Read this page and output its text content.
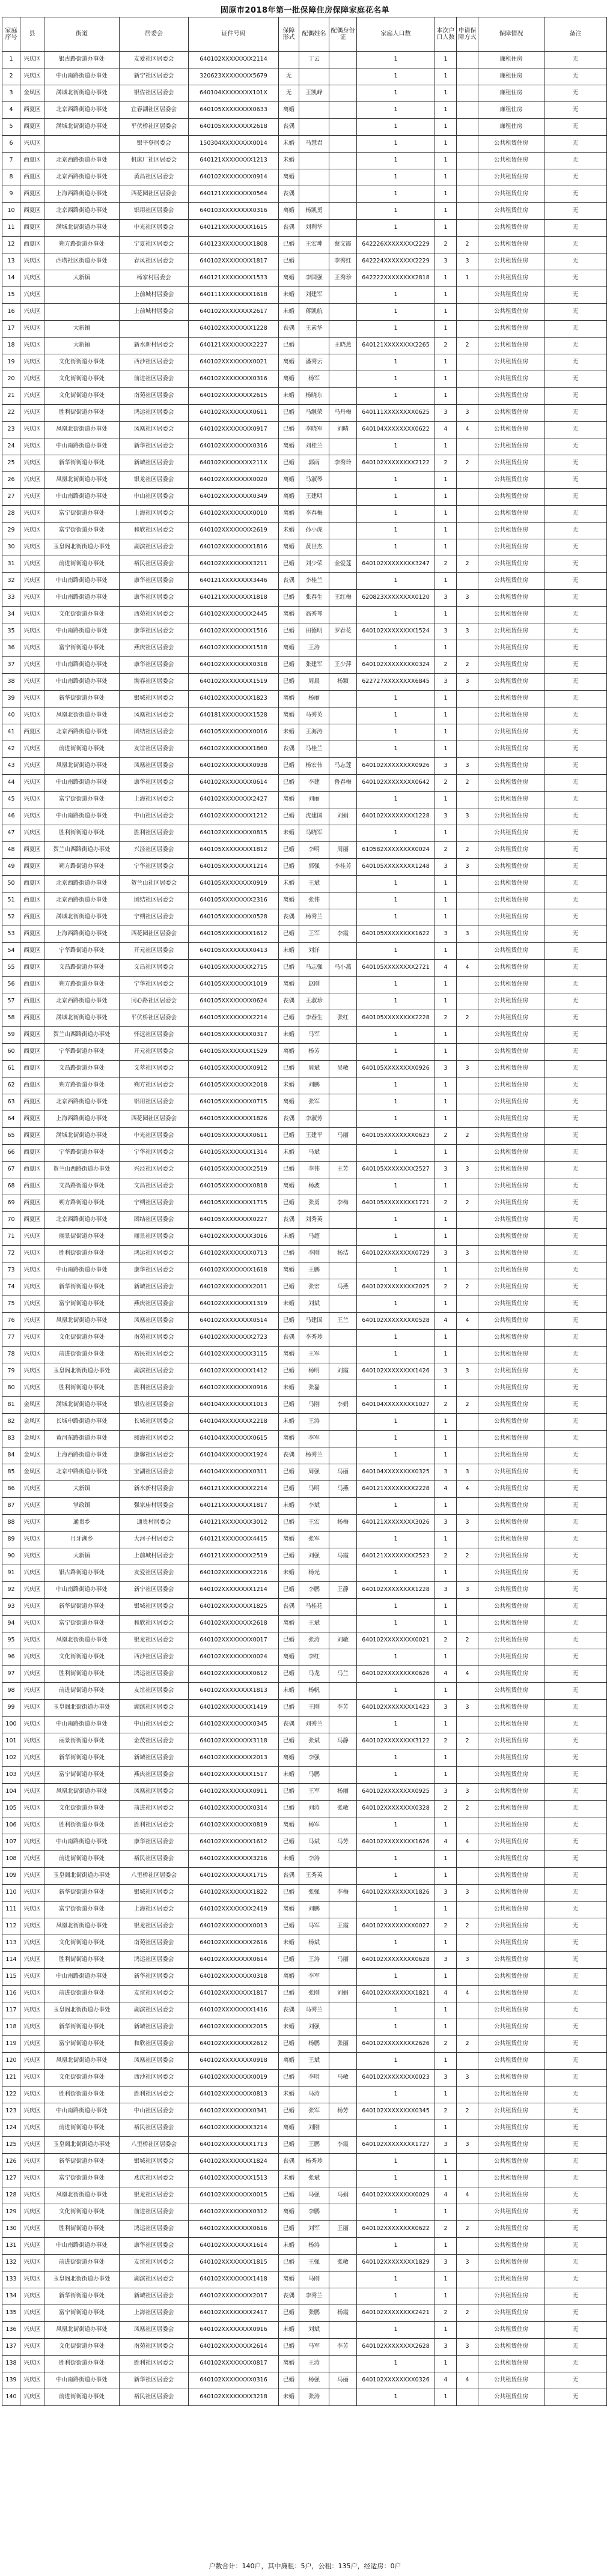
固原市2018年第一批保障住房保障家庭花名单
家庭序号	县	街道	居委会	证件号码	保障形式	配偶姓名	配偶身份证	家庭人口数	本次户口人数	申请保障方式	保障情况	备注
1	兴庆区	银古路街道办事处	友爱社区居委会	640102XXXXXXXX2114		丁云		1	1		廉租住房	无
2	兴庆区	中山南路街道办事处	新宁社区居委会	320623XXXXXXXX5679	无			1	1		廉租住房	无
3	金凤区	满城北街街道办事处	银佐社区居委会	640104XXXXXXXX101X	无	王凯峰		1	1		廉租住房	无
4	西夏区	北京西路街道办事处	宜春湖社区居委会	640105XXXXXXXX0633	离婚			1	1		廉租住房	无
5	西夏区	满城北街街道办事处	平伏桥社区居委会	640105XXXXXXXX2618	丧偶			1	1		廉租住房	无
6	兴庆区		银平登居委会	150304XXXXXXXX0014	未婚	马慧君		1	1		公共租赁住房	无
7	西夏区	北京西路街道办事处	机床厂社区居委会	640121XXXXXXXX1213	未婚			1	1		公共租赁住房	无
8	西夏区	北京西路街道办事处	黄昌社区居委会	640102XXXXXXXX0914	离婚			1	1		公共租赁住房	无
9	西夏区	上海西路街道办事处	西花园社区居委会	640121XXXXXXXX0564	丧偶			1	1		公共租赁住房	无
10	西夏区	北京西路街道办事处	铝用社区居委会	640103XXXXXXXX0316	离婚	杨凯勇		1	1		公共租赁住房	无
11	西夏区	满城北街街道办事处	中光社区居委会	640121XXXXXXXX1615	丧偶	刘利华		1	1		公共租赁住房	无
12	西夏区	朔方路街道办事处	宁夏社区居委会	640123XXXXXXXX1808	已婚	王宏坤	蔡文霞	642226XXXXXXXX2229	2	2	公共租赁住房	无
13	兴庆区	西塔社区街道办事处	春凤社区居委会	640102XXXXXXXX1817	已婚		李秀红	642224XXXXXXXX2229	3	3	公共租赁住房	无
14	兴庆区	大新镇	杨家村居委会	640121XXXXXXXX1533	离婚	李国强	王秀珍	642222XXXXXXXX2818	1	1	公共租赁住房	无
15	兴庆区		上前城村居委会	640111XXXXXXXX1618	未婚	刘建军		1	1		公共租赁住房	无
16	兴庆区		上前城村居委会	640102XXXXXXXX2617	未婚	蒋凯航		1	1		公共租赁住房	无
17	兴庆区	大新镇		640102XXXXXXXX1228	丧偶	王素华		1	1		公共租赁住房	无
18	兴庆区	大新镇	新水新村居委会	640121XXXXXXXX2227	已婚		王晓燕	640121XXXXXXXX2265	2	2	公共租赁住房	无
19	兴庆区	文化街街道办事处	西沙社区居委会	640102XXXXXXXX0021	离婚	潘秀云		1	1		公共租赁住房	无
20	兴庆区	文化街街道办事处	前进社区居委会	640102XXXXXXXX0316	离婚	杨军		1	1		公共租赁住房	无
21	兴庆区	文化街街道办事处	南苑社区居委会	640102XXXXXXXX2615	未婚	杨晓东		1	1		公共租赁住房	无
22	兴庆区	胜利街街道办事处	鸿运社区居委会	640102XXXXXXXX0611	已婚	马继荣	马丹梅	640111XXXXXXXX0625	3	3	公共租赁住房	无
23	兴庆区	凤凰北街街道办事处	凤凰社区居委会	640102XXXXXXXX0917	已婚	李晓军	刘晴	640104XXXXXXXX0622	4	4	公共租赁住房	无
24	兴庆区	中山南路街道办事处	新华社区居委会	640102XXXXXXXX0316	离婚	刘桂兰		1	1		公共租赁住房	无
25	兴庆区	新华街街道办事处	新城社区居委会	640102XXXXXXXX211X	已婚	郭雨	李秀玲	640102XXXXXXXX2122	2	2	公共租赁住房	无
26	兴庆区	凤凰北街街道办事处	银龙社区居委会	640102XXXXXXXX0020	离婚	马淑琴		1	1		公共租赁住房	无
27	兴庆区	中山南路街道办事处	中山社区居委会	640102XXXXXXXX0349	离婚	王建明		1	1		公共租赁住房	无
28	兴庆区	富宁街街道办事处	上海社区居委会	640102XXXXXXXX0010	离婚	李春梅		1	1		公共租赁住房	无
29	兴庆区	富宁街街道办事处	和欣社区居委会	640102XXXXXXXX2619	未婚	孙小虎		1	1		公共租赁住房	无
30	兴庆区	玉皇阁北街街道办事处	湖滨社区居委会	640102XXXXXXXX1816	离婚	黄世杰		1	1		公共租赁住房	无
31	兴庆区	前进街街道办事处	裕民社区居委会	640102XXXXXXXX3211	已婚	刘少荣	金爱莲	640102XXXXXXXX3247	2	2	公共租赁住房	无
32	兴庆区	中山南路街道办事处	康华社区居委会	640121XXXXXXXX3446	丧偶	李桂兰		1	1		公共租赁住房	无
33	兴庆区	中山南路街道办事处	康华社区居委会	640121XXXXXXXX1818	已婚	张春生	王红梅	620823XXXXXXXX0120	3	3	公共租赁住房	无
34	兴庆区	文化街街道办事处	西苑社区居委会	640102XXXXXXXX2445	离婚	高秀琴		1	1		公共租赁住房	无
35	兴庆区	中山南路街道办事处	康华社区居委会	640102XXXXXXXX1516	已婚	田德明	罗春花	640102XXXXXXXX1524	3	3	公共租赁住房	无
36	兴庆区	富宁街街道办事处	燕庆社区居委会	640102XXXXXXXX1518	离婚	王涛		1	1		公共租赁住房	无
37	兴庆区	中山南路街道办事处	康华社区居委会	640102XXXXXXXX0318	已婚	张建军	王少萍	640102XXXXXXXX0324	2	2	公共租赁住房	无
38	兴庆区	中山南路街道办事处	满春社区居委会	640102XXXXXXXX1519	已婚	周晨	杨颖	622727XXXXXXXX6845	3	3	公共租赁住房	无
39	兴庆区	新华街街道办事处	银城社区居委会	640102XXXXXXXX1823	离婚	杨丽		1	1		公共租赁住房	无
40	兴庆区	凤凰北街街道办事处	凤凰社区居委会	640181XXXXXXXX1528	离婚	马秀英		1	1		公共租赁住房	无
41	西夏区	北京西路街道办事处	团结社区居委会	640105XXXXXXXX0016	未婚	王海涛		1	1		公共租赁住房	无
42	兴庆区	前进街街道办事处	友谊社区居委会	640102XXXXXXXX1860	丧偶	马桂兰		1	1		公共租赁住房	无
43	兴庆区	凤凰北街街道办事处	凤凰社区居委会	640102XXXXXXXX0938	已婚	杨宏伟	马志莲	640102XXXXXXXX0926	3	3	公共租赁住房	无
44	兴庆区	中山南路街道办事处	康华社区居委会	640102XXXXXXXX0614	已婚	李建	鲁春梅	640102XXXXXXXX0642	2	2	公共租赁住房	无
45	兴庆区	富宁街街道办事处	上海社区居委会	640102XXXXXXXX2427	离婚	刘丽		1	1		公共租赁住房	无
46	兴庆区	中山南路街道办事处	中山社区居委会	640102XXXXXXXX1212	已婚	沈建国	刘娟	640102XXXXXXXX1228	3	3	公共租赁住房	无
47	兴庆区	胜利街街道办事处	胜利社区居委会	640102XXXXXXXX0815	未婚	马晓军		1	1		公共租赁住房	无
48	西夏区	贺兰山西路街道办事处	兴泾社区居委会	640105XXXXXXXX1812	已婚	李明	周丽	610582XXXXXXXX0024	2	2	公共租赁住房	无
49	西夏区	朔方路街道办事处	宁华社区居委会	640105XXXXXXXX1214	已婚	郭强	李桂芳	640105XXXXXXXX1248	3	3	公共租赁住房	无
50	西夏区	北京西路街道办事处	贺兰山社区居委会	640105XXXXXXXX0919	未婚	王斌		1	1		公共租赁住房	无
51	西夏区	北京西路街道办事处	团结社区居委会	640105XXXXXXXX2316	离婚	张伟		1	1		公共租赁住房	无
52	西夏区	满城北街街道办事处	宁朔社区居委会	640105XXXXXXXX0528	丧偶	杨秀兰		1	1		公共租赁住房	无
53	西夏区	上海西路街道办事处	西花园社区居委会	640105XXXXXXXX1612	已婚	王军	李霞	640105XXXXXXXX1622	3	3	公共租赁住房	无
54	西夏区	宁华路街道办事处	开元社区居委会	640105XXXXXXXX0413	未婚	刘洋		1	1		公共租赁住房	无
55	西夏区	文昌路街道办事处	文昌社区居委会	640105XXXXXXXX2715	已婚	马志强	马小燕	640105XXXXXXXX2721	4	4	公共租赁住房	无
56	西夏区	朔方路街道办事处	宁华社区居委会	640105XXXXXXXX1019	离婚	赵刚		1	1		公共租赁住房	无
57	西夏区	北京西路街道办事处	同心路社区居委会	640105XXXXXXXX0624	丧偶	王淑珍		1	1		公共租赁住房	无
58	西夏区	满城北街街道办事处	平伏桥社区居委会	640105XXXXXXXX2214	已婚	李春生	张红	640105XXXXXXXX2228	2	2	公共租赁住房	无
59	西夏区	贺兰山西路街道办事处	怀远社区居委会	640105XXXXXXXX0317	未婚	马军		1	1		公共租赁住房	无
60	西夏区	宁华路街道办事处	开元社区居委会	640105XXXXXXXX1529	离婚	杨芳		1	1		公共租赁住房	无
61	西夏区	文昌路街道办事处	文萃社区居委会	640105XXXXXXXX0912	已婚	周斌	吴敏	640105XXXXXXXX0926	3	3	公共租赁住房	无
62	西夏区	朔方路街道办事处	朔方社区居委会	640105XXXXXXXX2018	未婚	刘鹏		1	1		公共租赁住房	无
63	西夏区	北京西路街道办事处	铝用社区居委会	640105XXXXXXXX0715	离婚	张军		1	1		公共租赁住房	无
64	西夏区	上海西路街道办事处	西花园社区居委会	640105XXXXXXXX1826	丧偶	李淑芳		1	1		公共租赁住房	无
65	西夏区	满城北街街道办事处	中光社区居委会	640105XXXXXXXX0611	已婚	王建平	马丽	640105XXXXXXXX0623	2	2	公共租赁住房	无
66	西夏区	宁华路街道办事处	宁华社区居委会	640105XXXXXXXX1314	未婚	马斌		1	1		公共租赁住房	无
67	西夏区	贺兰山西路街道办事处	兴泾社区居委会	640105XXXXXXXX2519	已婚	李伟	王芳	640105XXXXXXXX2527	3	3	公共租赁住房	无
68	西夏区	文昌路街道办事处	文昌社区居委会	640105XXXXXXXX0818	离婚	杨波		1	1		公共租赁住房	无
69	西夏区	朔方路街道办事处	宁朔社区居委会	640105XXXXXXXX1715	已婚	张勇	李梅	640105XXXXXXXX1721	2	2	公共租赁住房	无
70	西夏区	北京西路街道办事处	团结社区居委会	640105XXXXXXXX0227	丧偶	刘秀英		1	1		公共租赁住房	无
71	兴庆区	丽景街街道办事处	丽景社区居委会	640102XXXXXXXX3016	未婚	马超		1	1		公共租赁住房	无
72	兴庆区	胜利街街道办事处	鸿运社区居委会	640102XXXXXXXX0713	已婚	李刚	杨洁	640102XXXXXXXX0729	3	3	公共租赁住房	无
73	兴庆区	中山南路街道办事处	康华社区居委会	640102XXXXXXXX1618	离婚	王鹏		1	1		公共租赁住房	无
74	兴庆区	新华街街道办事处	新城社区居委会	640102XXXXXXXX2011	已婚	张宏	马燕	640102XXXXXXXX2025	2	2	公共租赁住房	无
75	兴庆区	富宁街街道办事处	燕庆社区居委会	640102XXXXXXXX1319	未婚	刘斌		1	1		公共租赁住房	无
76	兴庆区	凤凰北街街道办事处	凤凰社区居委会	640102XXXXXXXX0514	已婚	马建国	王兰	640102XXXXXXXX0528	4	4	公共租赁住房	无
77	兴庆区	文化街街道办事处	南苑社区居委会	640102XXXXXXXX2723	丧偶	李秀珍		1	1		公共租赁住房	无
78	兴庆区	前进街街道办事处	裕民社区居委会	640102XXXXXXXX3115	离婚	王军		1	1		公共租赁住房	无
79	兴庆区	玉皇阁北街街道办事处	湖滨社区居委会	640102XXXXXXXX1412	已婚	杨明	刘霞	640102XXXXXXXX1426	3	3	公共租赁住房	无
80	兴庆区	胜利街街道办事处	胜利社区居委会	640102XXXXXXXX0916	未婚	张磊		1	1		公共租赁住房	无
81	金凤区	满城北街街道办事处	银佐社区居委会	640104XXXXXXXX1013	已婚	马刚	李娟	640104XXXXXXXX1027	2	2	公共租赁住房	无
82	金凤区	长城中路街道办事处	长城社区居委会	640104XXXXXXXX2218	未婚	王涛		1	1		公共租赁住房	无
83	金凤区	黄河东路街道办事处	阅海社区居委会	640104XXXXXXXX0615	离婚	李军		1	1		公共租赁住房	无
84	金凤区	上海西路街道办事处	康馨社区居委会	640104XXXXXXXX1924	丧偶	杨秀兰		1	1		公共租赁住房	无
85	金凤区	北京中路街道办事处	宝湖社区居委会	640104XXXXXXXX0311	已婚	周强	马丽	640104XXXXXXXX0325	3	3	公共租赁住房	无
86	兴庆区	大新镇	新水新村居委会	640121XXXXXXXX2214	已婚	马明	马燕	640121XXXXXXXX2228	4	4	公共租赁住房	无
87	兴庆区	掌政镇	强家庙村居委会	640121XXXXXXXX1817	未婚	李斌		1	1		公共租赁住房	无
88	兴庆区	通贵乡	通贵村居委会	640121XXXXXXXX3012	已婚	王宏	杨梅	640121XXXXXXXX3026	3	3	公共租赁住房	无
89	兴庆区	月牙湖乡	大河子村居委会	640121XXXXXXXX4415	离婚	张军		1	1		公共租赁住房	无
90	兴庆区	大新镇	上前城村居委会	640121XXXXXXXX2519	已婚	刘强	马霞	640121XXXXXXXX2523	2	2	公共租赁住房	无
91	兴庆区	银古路街道办事处	友爱社区居委会	640102XXXXXXXX2216	未婚	杨光		1	1		公共租赁住房	无
92	兴庆区	中山南路街道办事处	新宁社区居委会	640102XXXXXXXX1214	已婚	李鹏	王静	640102XXXXXXXX1228	3	3	公共租赁住房	无
93	兴庆区	新华街街道办事处	银城社区居委会	640102XXXXXXXX1825	丧偶	马桂花		1	1		公共租赁住房	无
94	兴庆区	富宁街街道办事处	和欣社区居委会	640102XXXXXXXX2618	离婚	王斌		1	1		公共租赁住房	无
95	兴庆区	凤凰北街街道办事处	银龙社区居委会	640102XXXXXXXX0017	已婚	张涛	刘敏	640102XXXXXXXX0021	2	2	公共租赁住房	无
96	兴庆区	文化街街道办事处	西沙社区居委会	640102XXXXXXXX0024	离婚	李红		1	1		公共租赁住房	无
97	兴庆区	胜利街街道办事处	鸿运社区居委会	640102XXXXXXXX0612	已婚	马龙	马兰	640102XXXXXXXX0626	4	4	公共租赁住房	无
98	兴庆区	前进街街道办事处	友谊社区居委会	640102XXXXXXXX1813	未婚	杨帆		1	1		公共租赁住房	无
99	兴庆区	玉皇阁北街街道办事处	湖滨社区居委会	640102XXXXXXXX1419	已婚	王刚	李芳	640102XXXXXXXX1423	3	3	公共租赁住房	无
100	兴庆区	中山南路街道办事处	中山社区居委会	640102XXXXXXXX0345	丧偶	刘秀兰		1	1		公共租赁住房	无
101	兴庆区	丽景街街道办事处	金茂社区居委会	640102XXXXXXXX3118	已婚	张斌	马静	640102XXXXXXXX3122	2	2	公共租赁住房	无
102	兴庆区	新华街街道办事处	新城社区居委会	640102XXXXXXXX2013	离婚	李强		1	1		公共租赁住房	无
103	兴庆区	富宁街街道办事处	燕庆社区居委会	640102XXXXXXXX1517	未婚	马鹏		1	1		公共租赁住房	无
104	兴庆区	凤凰北街街道办事处	凤凰社区居委会	640102XXXXXXXX0911	已婚	王军	杨丽	640102XXXXXXXX0925	3	3	公共租赁住房	无
105	兴庆区	文化街街道办事处	前进社区居委会	640102XXXXXXXX0314	已婚	刘涛	张敏	640102XXXXXXXX0328	2	2	公共租赁住房	无
106	兴庆区	胜利街街道办事处	胜利社区居委会	640102XXXXXXXX0819	离婚	杨军		1	1		公共租赁住房	无
107	兴庆区	中山南路街道办事处	康华社区居委会	640102XXXXXXXX1612	已婚	马斌	马芳	640102XXXXXXXX1626	4	4	公共租赁住房	无
108	兴庆区	前进街街道办事处	裕民社区居委会	640102XXXXXXXX3216	未婚	李涛		1	1		公共租赁住房	无
109	兴庆区	玉皇阁北街街道办事处	八里桥社区居委会	640102XXXXXXXX1715	丧偶	王秀英		1	1		公共租赁住房	无
110	兴庆区	新华街街道办事处	银城社区居委会	640102XXXXXXXX1822	已婚	张强	李梅	640102XXXXXXXX1826	3	3	公共租赁住房	无
111	兴庆区	富宁街街道办事处	上海社区居委会	640102XXXXXXXX2419	离婚	刘鹏		1	1		公共租赁住房	无
112	兴庆区	凤凰北街街道办事处	银龙社区居委会	640102XXXXXXXX0013	已婚	马军	王霞	640102XXXXXXXX0027	2	2	公共租赁住房	无
113	兴庆区	文化街街道办事处	南苑社区居委会	640102XXXXXXXX2616	未婚	杨斌		1	1		公共租赁住房	无
114	兴庆区	胜利街街道办事处	鸿运社区居委会	640102XXXXXXXX0614	已婚	王涛	马丽	640102XXXXXXXX0628	3	3	公共租赁住房	无
115	兴庆区	中山南路街道办事处	新华社区居委会	640102XXXXXXXX0318	离婚	李军		1	1		公共租赁住房	无
116	兴庆区	前进街街道办事处	友谊社区居委会	640102XXXXXXXX1817	已婚	张刚	刘娟	640102XXXXXXXX1821	4	4	公共租赁住房	无
117	兴庆区	玉皇阁北街街道办事处	湖滨社区居委会	640102XXXXXXXX1416	丧偶	马秀兰		1	1		公共租赁住房	无
118	兴庆区	新华街街道办事处	新城社区居委会	640102XXXXXXXX2015	未婚	刘强		1	1		公共租赁住房	无
119	兴庆区	富宁街街道办事处	和欣社区居委会	640102XXXXXXXX2612	已婚	杨鹏	张丽	640102XXXXXXXX2626	2	2	公共租赁住房	无
120	兴庆区	凤凰北街街道办事处	凤凰社区居委会	640102XXXXXXXX0918	离婚	王斌		1	1		公共租赁住房	无
121	兴庆区	文化街街道办事处	西沙社区居委会	640102XXXXXXXX0019	已婚	李明	马敏	640102XXXXXXXX0023	3	3	公共租赁住房	无
122	兴庆区	胜利街街道办事处	胜利社区居委会	640102XXXXXXXX0813	未婚	马涛		1	1		公共租赁住房	无
123	兴庆区	中山南路街道办事处	中山社区居委会	640102XXXXXXXX0341	已婚	张军	杨芳	640102XXXXXXXX0345	2	2	公共租赁住房	无
124	兴庆区	前进街街道办事处	裕民社区居委会	640102XXXXXXXX3214	离婚	刘刚		1	1		公共租赁住房	无
125	兴庆区	玉皇阁北街街道办事处	八里桥社区居委会	640102XXXXXXXX1713	已婚	王鹏	李霞	640102XXXXXXXX1727	3	3	公共租赁住房	无
126	兴庆区	新华街街道办事处	银城社区居委会	640102XXXXXXXX1824	丧偶	杨秀珍		1	1		公共租赁住房	无
127	兴庆区	富宁街街道办事处	燕庆社区居委会	640102XXXXXXXX1513	未婚	张斌		1	1		公共租赁住房	无
128	兴庆区	凤凰北街街道办事处	银龙社区居委会	640102XXXXXXXX0015	已婚	马强	马娟	640102XXXXXXXX0029	4	4	公共租赁住房	无
129	兴庆区	文化街街道办事处	前进社区居委会	640102XXXXXXXX0312	离婚	李鹏		1	1		公共租赁住房	无
130	兴庆区	胜利街街道办事处	鸿运社区居委会	640102XXXXXXXX0616	已婚	刘军	王丽	640102XXXXXXXX0622	2	2	公共租赁住房	无
131	兴庆区	中山南路街道办事处	康华社区居委会	640102XXXXXXXX1614	未婚	杨涛		1	1		公共租赁住房	无
132	兴庆区	前进街街道办事处	友谊社区居委会	640102XXXXXXXX1815	已婚	王强	张敏	640102XXXXXXXX1829	3	3	公共租赁住房	无
133	兴庆区	玉皇阁北街街道办事处	湖滨社区居委会	640102XXXXXXXX1418	离婚	马刚		1	1		公共租赁住房	无
134	兴庆区	新华街街道办事处	新城社区居委会	640102XXXXXXXX2017	丧偶	李秀兰		1	1		公共租赁住房	无
135	兴庆区	富宁街街道办事处	上海社区居委会	640102XXXXXXXX2417	已婚	张鹏	杨霞	640102XXXXXXXX2421	2	2	公共租赁住房	无
136	兴庆区	凤凰北街街道办事处	凤凰社区居委会	640102XXXXXXXX0916	未婚	刘斌		1	1		公共租赁住房	无
137	兴庆区	文化街街道办事处	南苑社区居委会	640102XXXXXXXX2614	已婚	马军	李芳	640102XXXXXXXX2628	3	3	公共租赁住房	无
138	兴庆区	胜利街街道办事处	胜利社区居委会	640102XXXXXXXX0817	离婚	王涛		1	1		公共租赁住房	无
139	兴庆区	中山南路街道办事处	新华社区居委会	640102XXXXXXXX0316	已婚	杨强	马丽	640102XXXXXXXX0326	4	4	公共租赁住房	无
140	兴庆区	前进街街道办事处	裕民社区居委会	640102XXXXXXXX3218	未婚	张涛		1	1		公共租赁住房	无
户数合计：140户，其中廉租：5户，公租：135户，经适房：0户
